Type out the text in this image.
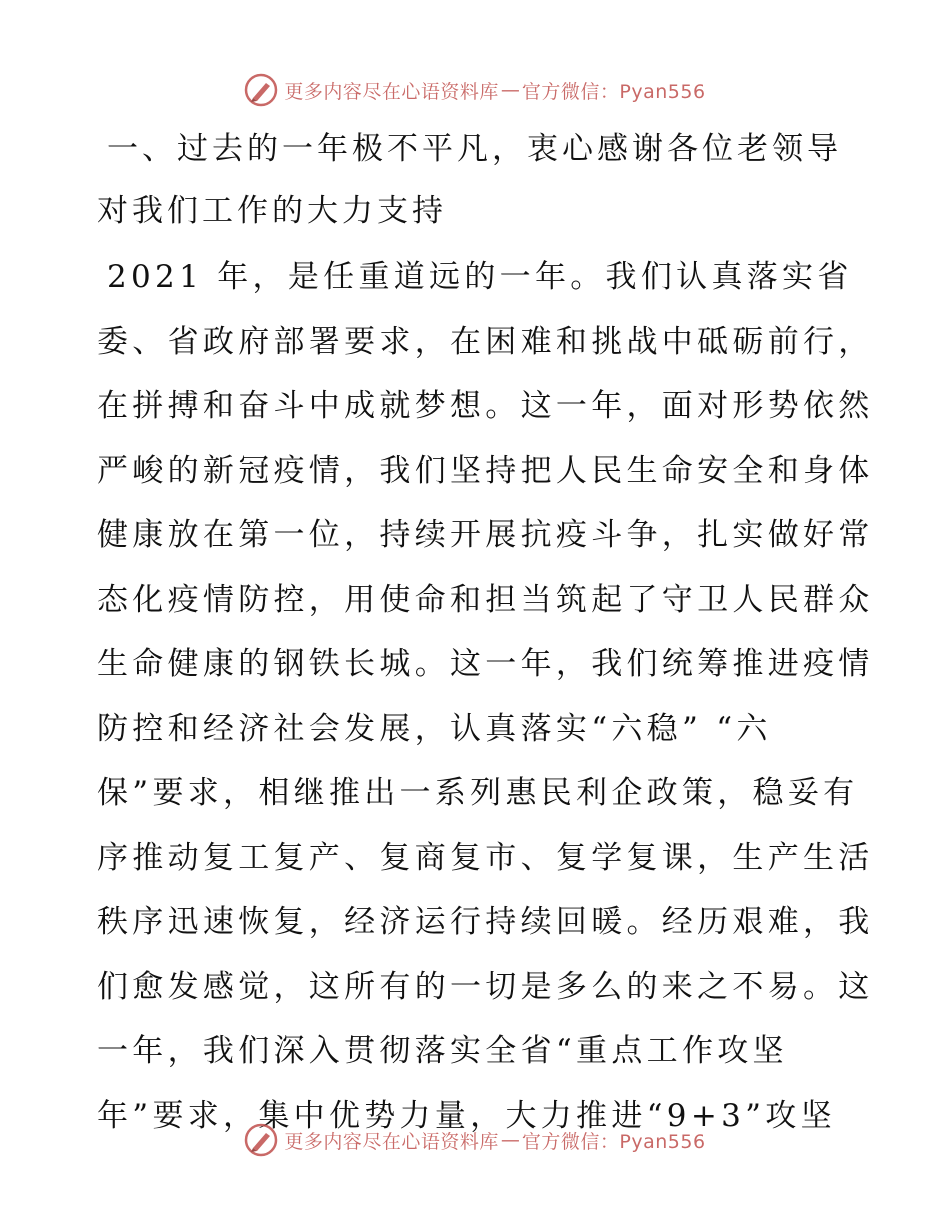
更多内容尽在心语资料库 — 官方微信：Pyan556
一、过去的一年极不平凡，衷心感谢各位老领导
对我们工作的大力支持

2021 年，是任重道远的一年。我们认真落实省
委、省政府部署要求，在困难和挑战中砥砺前行，
在拼搏和奋斗中成就梦想。这一年，面对形势依然
严峻的新冠疫情，我们坚持把人民生命安全和身体
健康放在第一位，持续开展抗疫斗争，扎实做好常
态化疫情防控，用使命和担当筑起了守卫人民群众
生命健康的钢铁长城。这一年，我们统筹推进疫情
防控和经济社会发展，认真落实“六稳” “六
保”要求，相继推出一系列惠民利企政策，稳妥有
序推动复工复产、复商复市、复学复课，生产生活
秩序迅速恢复，经济运行持续回暖。经历艰难，我
们愈发感觉，这所有的一切是多么的来之不易。这
一年，我们深入贯彻落实全省“重点工作攻坚
年”要求，集中优势力量，大力推进“9+3”攻坚

更多内容尽在心语资料库 — 官方微信：Pyan556
